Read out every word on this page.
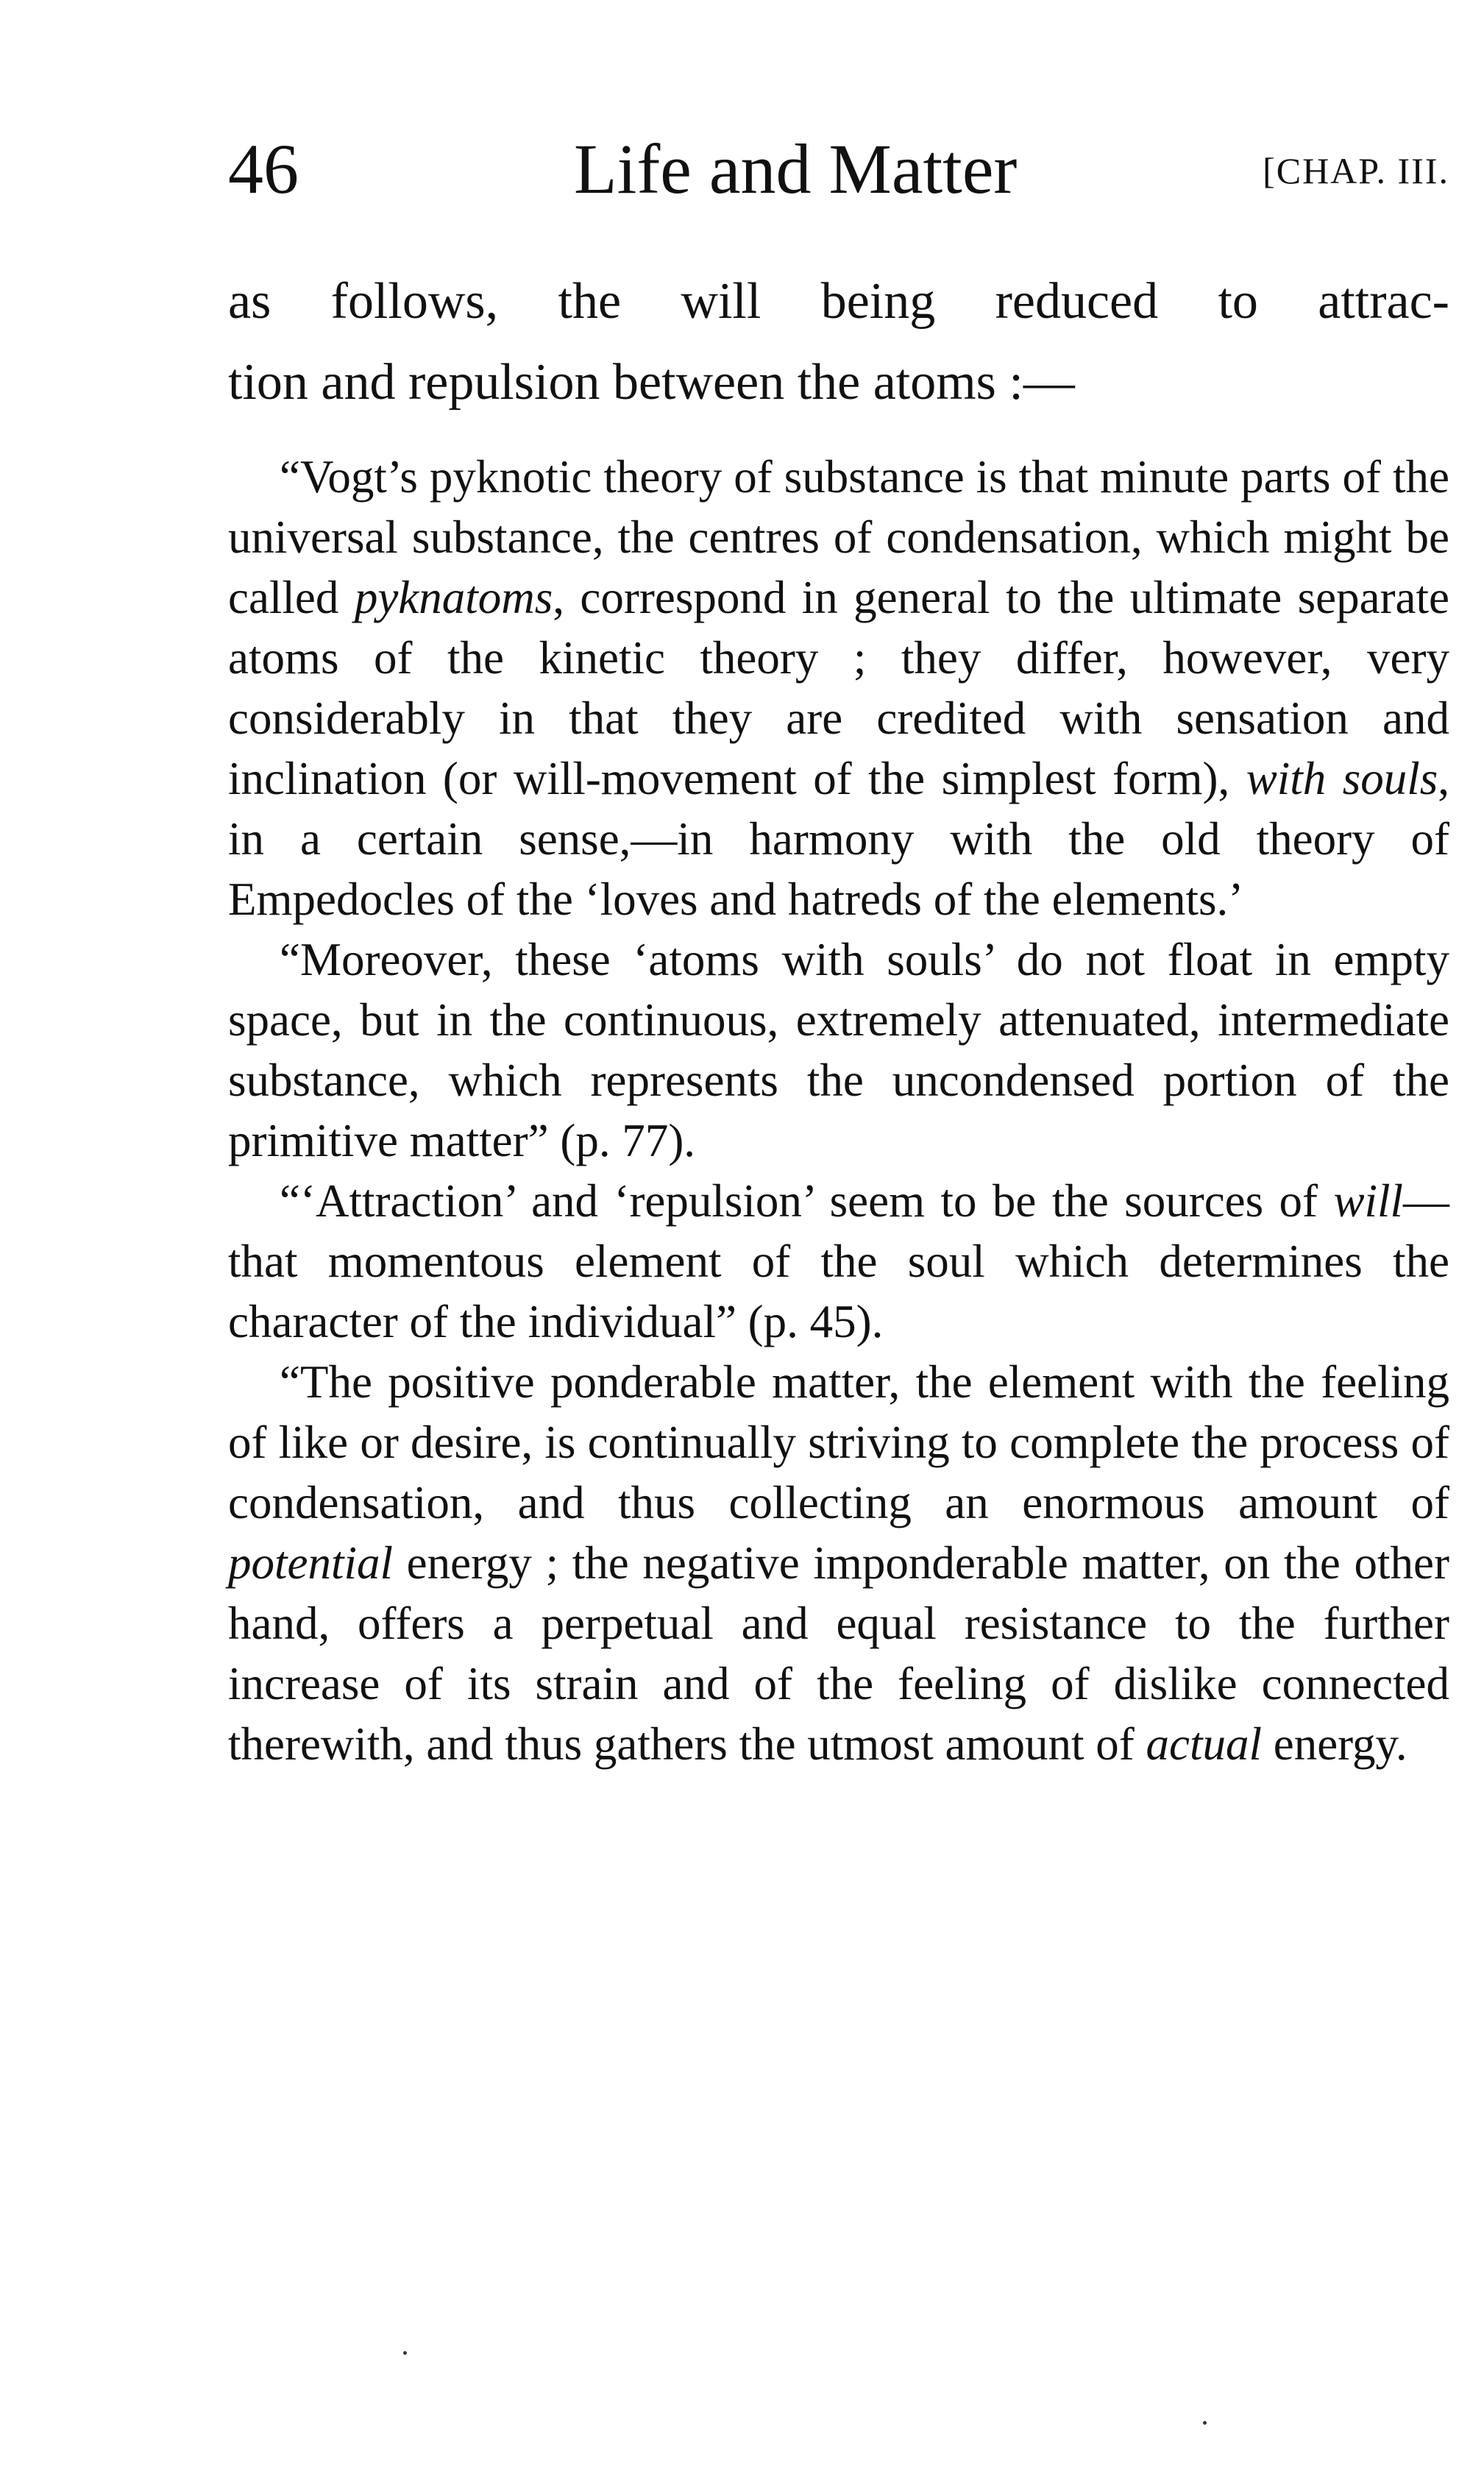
46	Life and Matter	[CHAP. III.
as follows, the will being reduced to attrac-
tion and repulsion between the atoms :—

“Vogt’s pyknotic theory of substance is that minute parts of the universal substance, the centres of condensation, which might be called pyknatoms, correspond in general to the ultimate separate atoms of the kinetic theory ; they differ, however, very considerably in that they are credited with sensation and inclination (or will-movement of the simplest form), with souls, in a certain sense,—in harmony with the old theory of Empedocles of the ‘loves and hatreds of the elements.’

“Moreover, these ‘atoms with souls’ do not float in empty space, but in the continuous, extremely attenuated, intermediate substance, which represents the uncondensed portion of the primitive matter” (p. 77).

“‘Attraction’ and ‘repulsion’ seem to be the sources of will—that momentous element of the soul which determines the character of the individual” (p. 45).

“The positive ponderable matter, the element with the feeling of like or desire, is continually striving to complete the process of condensation, and thus collecting an enormous amount of potential energy ; the negative imponderable matter, on the other hand, offers a perpetual and equal resistance to the further increase of its strain and of the feeling of dislike connected therewith, and thus gathers the utmost amount of actual energy.
